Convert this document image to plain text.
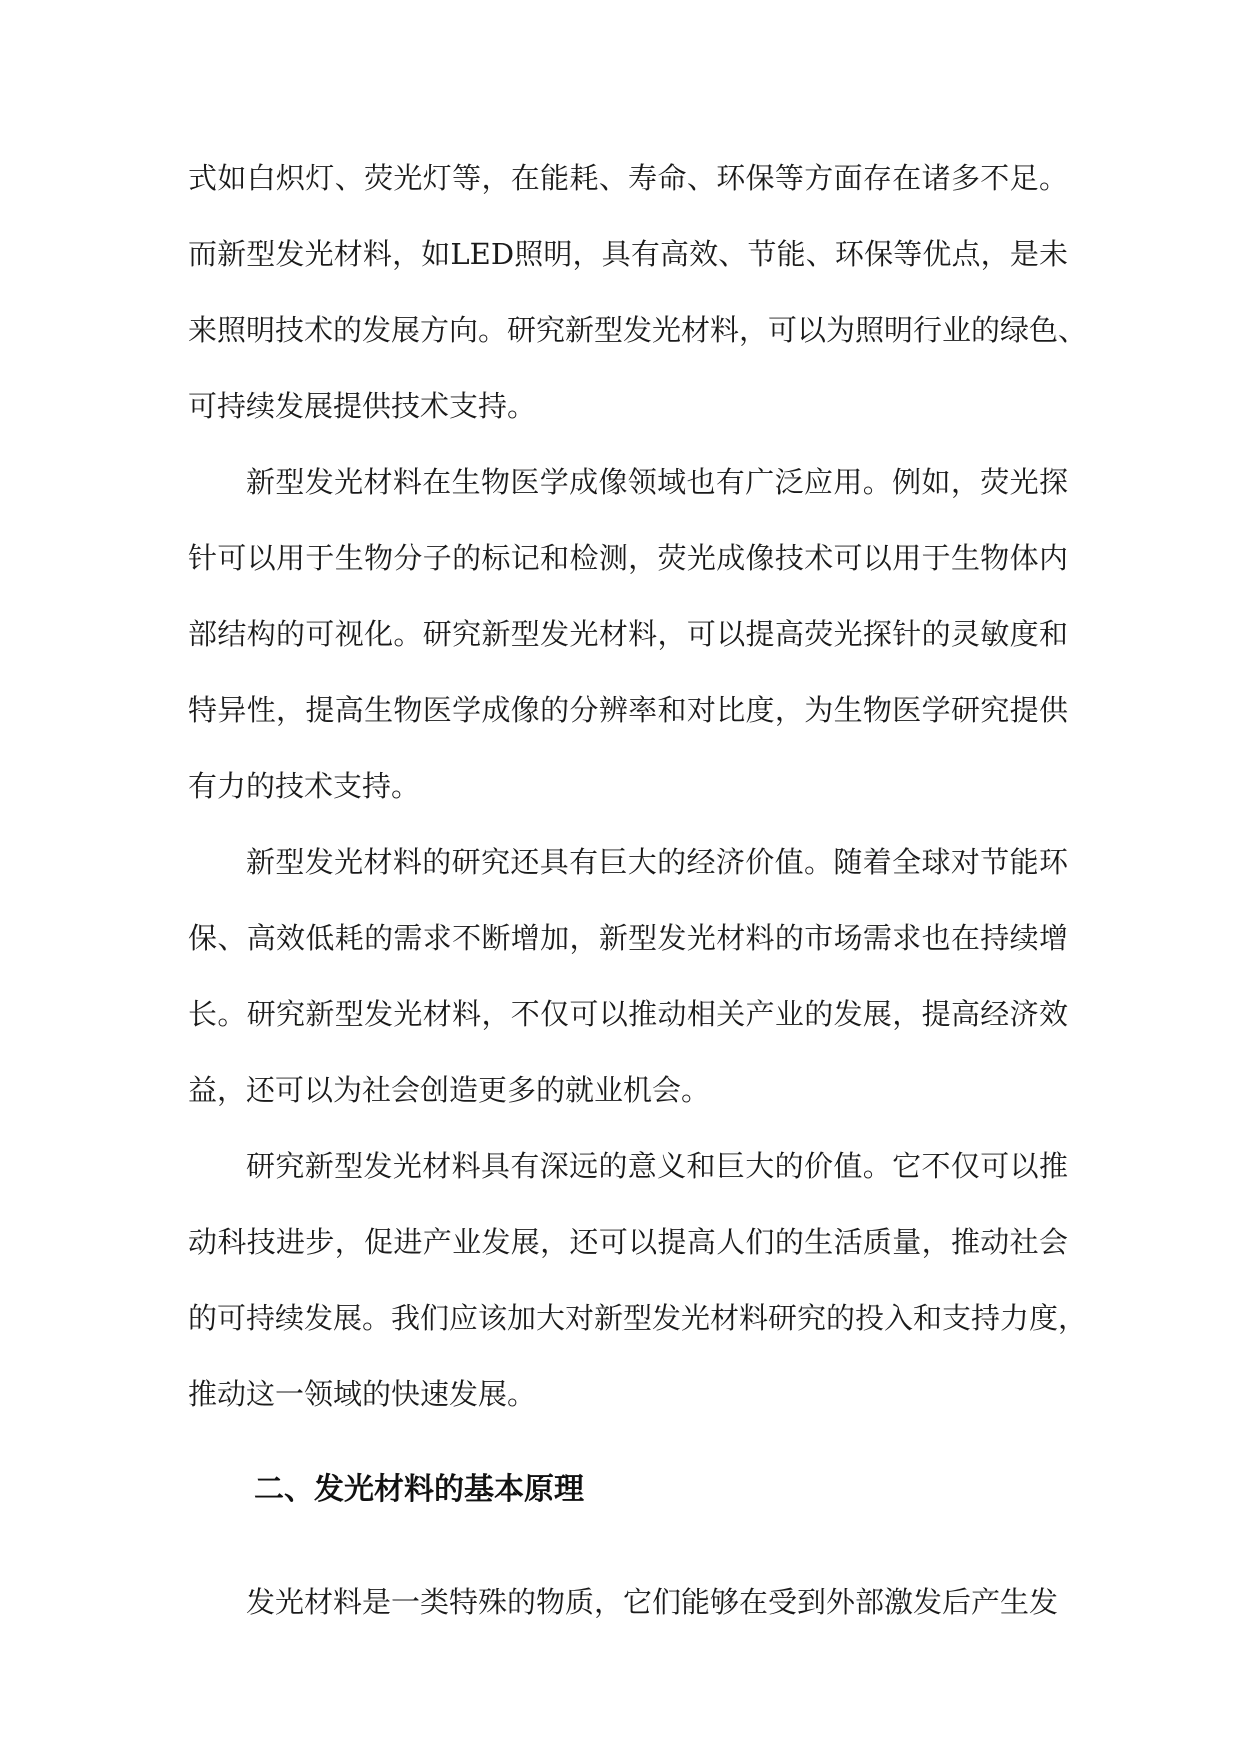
式如白炽灯、荧光灯等，在能耗、寿命、环保等方面存在诸多不足。
而新型发光材料，如LED照明，具有高效、节能、环保等优点，是未
来照明技术的发展方向。研究新型发光材料，可以为照明行业的绿色、
可持续发展提供技术支持。
新型发光材料在生物医学成像领域也有广泛应用。例如，荧光探
针可以用于生物分子的标记和检测，荧光成像技术可以用于生物体内
部结构的可视化。研究新型发光材料，可以提高荧光探针的灵敏度和
特异性，提高生物医学成像的分辨率和对比度，为生物医学研究提供
有力的技术支持。
新型发光材料的研究还具有巨大的经济价值。随着全球对节能环
保、高效低耗的需求不断增加，新型发光材料的市场需求也在持续增
长。研究新型发光材料，不仅可以推动相关产业的发展，提高经济效
益，还可以为社会创造更多的就业机会。
研究新型发光材料具有深远的意义和巨大的价值。它不仅可以推
动科技进步，促进产业发展，还可以提高人们的生活质量，推动社会
的可持续发展。我们应该加大对新型发光材料研究的投入和支持力度，
推动这一领域的快速发展。
二、发光材料的基本原理
发光材料是一类特殊的物质，它们能够在受到外部激发后产生发
